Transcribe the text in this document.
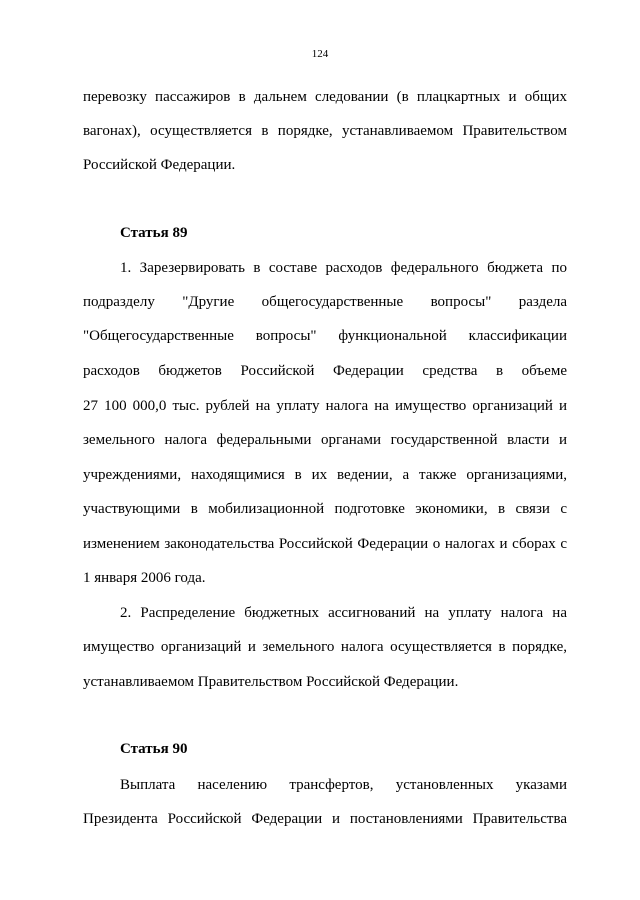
124
перевозку пассажиров в дальнем следовании (в плацкартных и общих
вагонах), осуществляется в порядке, устанавливаемом Правительством
Российской Федерации.
Статья 89
1. Зарезервировать в составе расходов федерального бюджета по
подразделу "Другие общегосударственные вопросы" раздела
"Общегосударственные вопросы" функциональной классификации
расходов бюджетов Российской Федерации средства в объеме
27 100 000,0 тыс. рублей на уплату налога на имущество организаций и
земельного налога федеральными органами государственной власти и
учреждениями, находящимися в их ведении, а также организациями,
участвующими в мобилизационной подготовке экономики, в связи с
изменением законодательства Российской Федерации о налогах и сборах с
1 января 2006 года.
2. Распределение бюджетных ассигнований на уплату налога на
имущество организаций и земельного налога осуществляется в порядке,
устанавливаемом Правительством Российской Федерации.
Статья 90
Выплата населению трансфертов, установленных указами
Президента Российской Федерации и постановлениями Правительства
